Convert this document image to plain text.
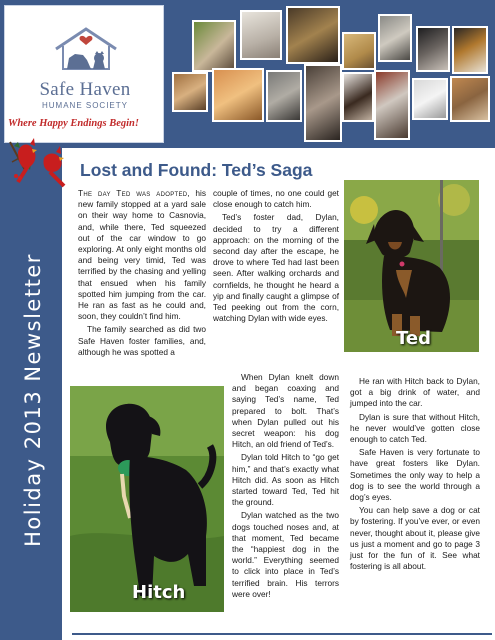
Safe Haven
HUMANE SOCIETY
Where Happy Endings Begin!
Holiday 2013 Newsletter
Lost and Found: Ted’s Saga

The day Ted was adopted, his new family stopped at a yard sale on their way home to Casnovia, and, while there, Ted squeezed out of the car window to go exploring. At only eight months old and being very timid, Ted was terrified by the chasing and yelling that ensued when his family spotted him jumping from the car. He ran as fast as he could and, soon, they couldn’t find him.

The family searched as did two Safe Haven foster families, and, although he was spotted a

couple of times, no one could get close enough to catch him.

Ted’s foster dad, Dylan, decided to try a different approach: on the morning of the second day after the escape, he drove to where Ted had last been seen. After walking orchards and cornfields, he thought he heard a yip and finally caught a glimpse of Ted peeking out from the corn, watching Dylan with wide eyes.

When Dylan knelt down and began coaxing and saying Ted’s name, Ted prepared to bolt. That’s when Dylan pulled out his secret weapon: his dog Hitch, an old friend of Ted’s.

Dylan told Hitch to “go get him,” and that’s exactly what Hitch did. As soon as Hitch started toward Ted, Ted hit the ground.

Dylan watched as the two dogs touched noses and, at that moment, Ted became the “happiest dog in the world.” Everything seemed to click into place in Ted’s terrified brain. His terrors were over!

He ran with Hitch back to Dylan, got a big drink of water, and jumped into the car.

Dylan is sure that without Hitch, he never would’ve gotten close enough to catch Ted.

Safe Haven is very fortunate to have great fosters like Dylan. Sometimes the only way to help a dog is to see the world through a dog’s eyes.

You can help save a dog or cat by fostering. If you’ve ever, or even never, thought about it, please give us just a moment and go to page 3 just for the fun of it. See what fostering is all about.

Ted
Hitch
